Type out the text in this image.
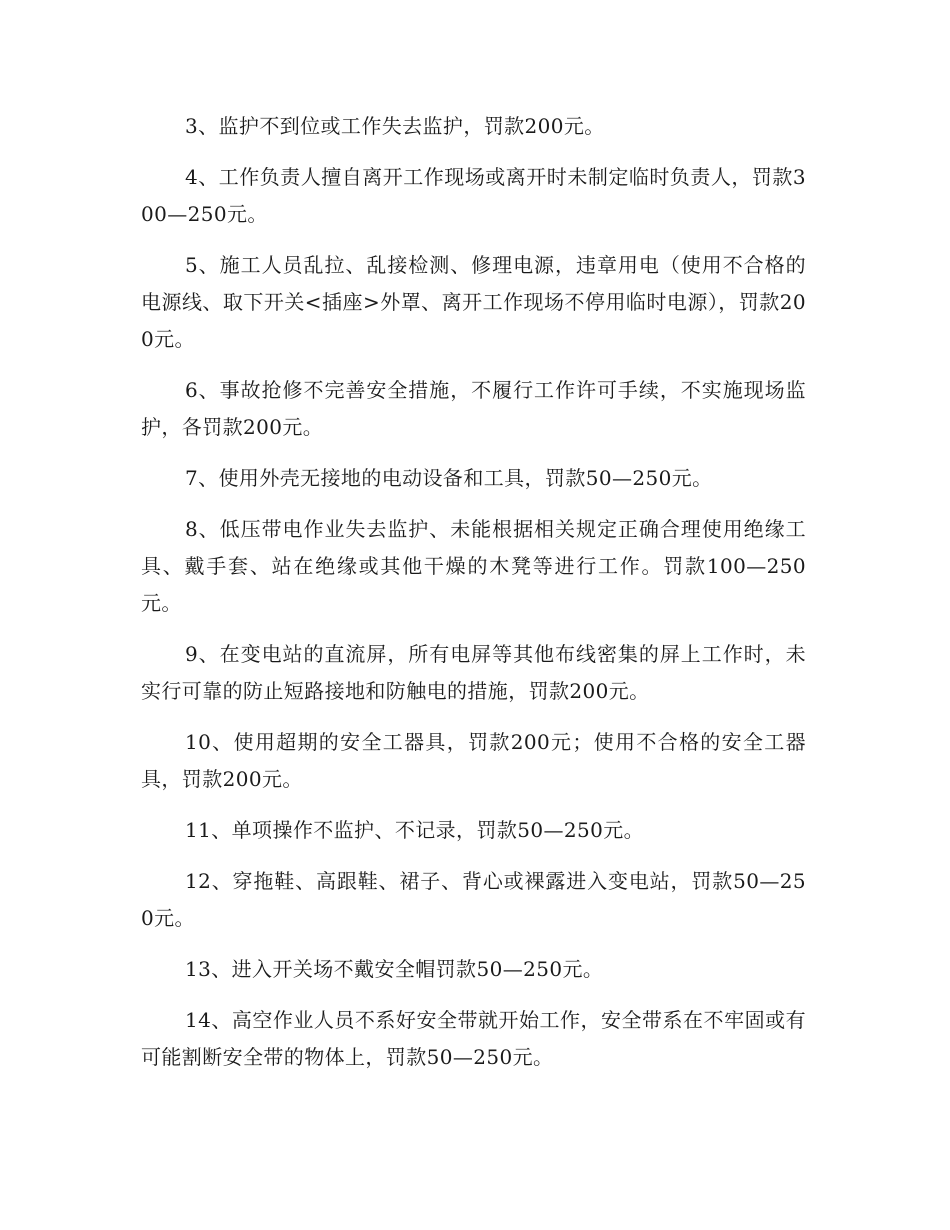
3、监护不到位或工作失去监护，罚款200元。

4、工作负责人擅自离开工作现场或离开时未制定临时负责人，罚款300—250元。

5、施工人员乱拉、乱接检测、修理电源，违章用电（使用不合格的电源线、取下开关<插座>外罩、离开工作现场不停用临时电源），罚款200元。

6、事故抢修不完善安全措施，不履行工作许可手续，不实施现场监护，各罚款200元。

7、使用外壳无接地的电动设备和工具，罚款50—250元。

8、低压带电作业失去监护、未能根据相关规定正确合理使用绝缘工具、戴手套、站在绝缘或其他干燥的木凳等进行工作。罚款100—250元。

9、在变电站的直流屏，所有电屏等其他布线密集的屏上工作时，未实行可靠的防止短路接地和防触电的措施，罚款200元。

10、使用超期的安全工器具，罚款200元；使用不合格的安全工器具，罚款200元。

11、单项操作不监护、不记录，罚款50—250元。

12、穿拖鞋、高跟鞋、裙子、背心或裸露进入变电站，罚款50—250元。

13、进入开关场不戴安全帽罚款50—250元。

14、高空作业人员不系好安全带就开始工作，安全带系在不牢固或有可能割断安全带的物体上，罚款50—250元。
